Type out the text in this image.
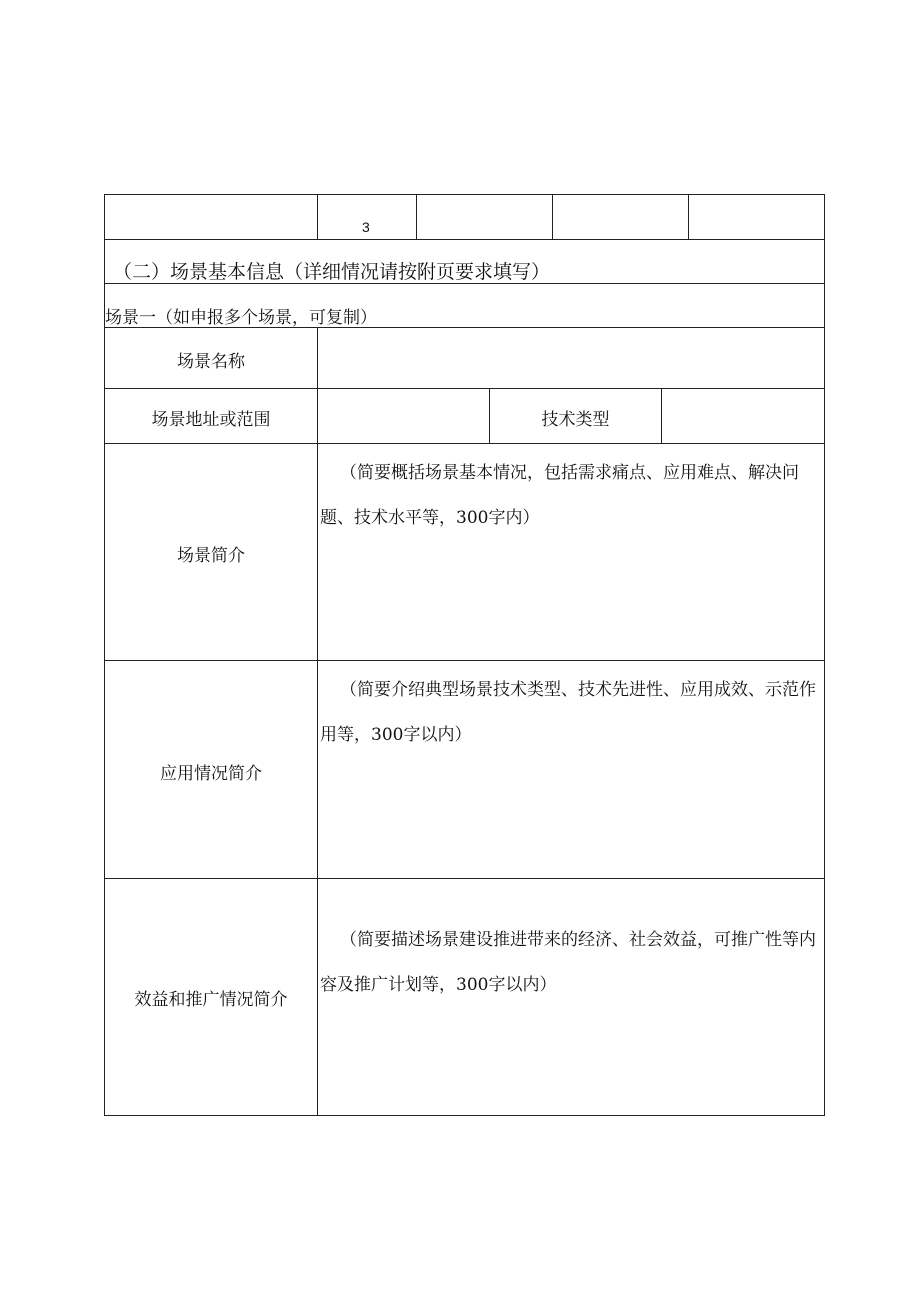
3
（二）场景基本信息（详细情况请按附页要求填写）
场景一（如申报多个场景，可复制）
场景名称
场景地址或范围	技术类型
场景简介
（简要概括场景基本情况，包括需求痛点、应用难点、解决问题、技术水平等，300字内）
应用情况简介
（简要介绍典型场景技术类型、技术先进性、应用成效、示范作用等，300字以内）
效益和推广情况简介
（简要描述场景建设推进带来的经济、社会效益，可推广性等内容及推广计划等，300字以内）
